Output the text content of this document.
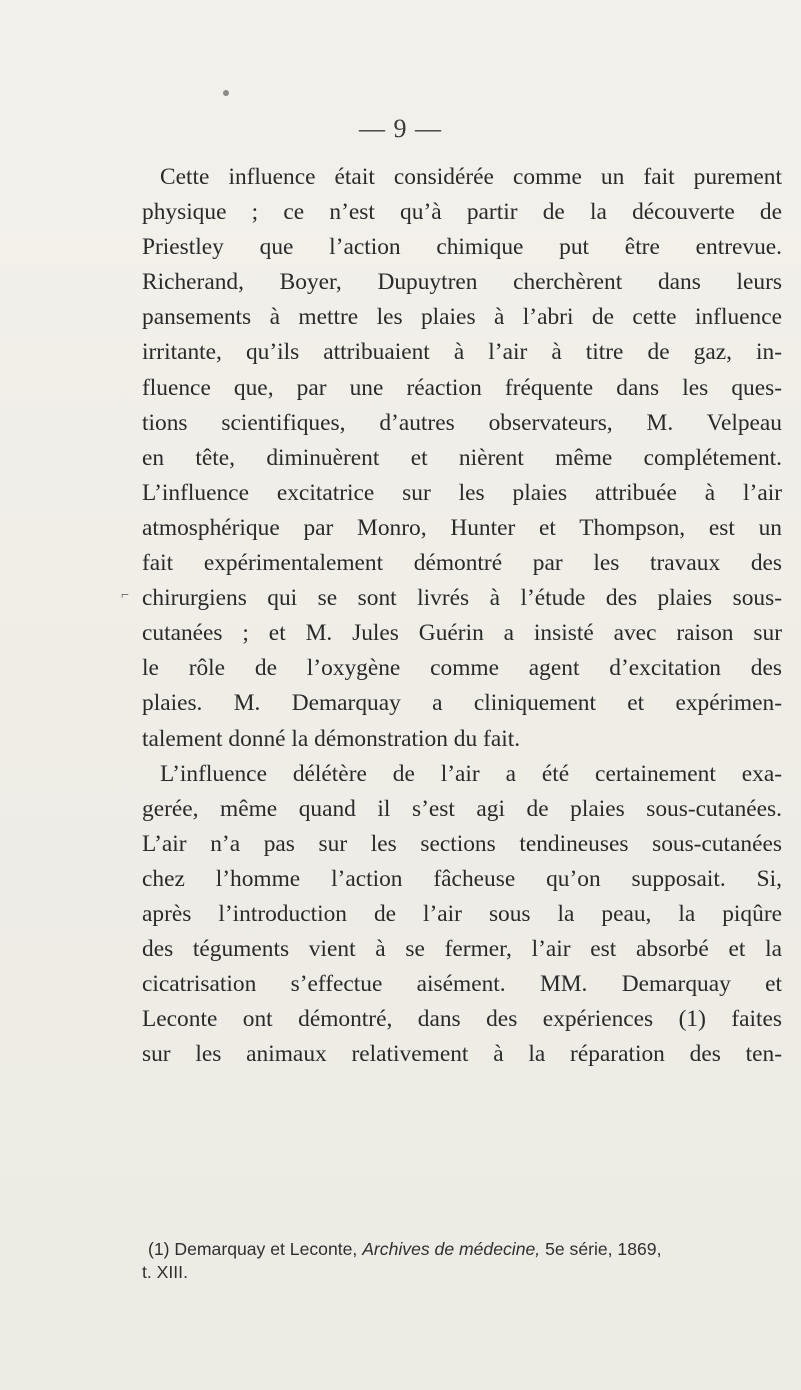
— 9 —
⌐
Cette influence était considérée comme un fait purement
physique ; ce n’est qu’à partir de la découverte de
Priestley que l’action chimique put être entrevue.
Richerand, Boyer, Dupuytren cherchèrent dans leurs
pansements à mettre les plaies à l’abri de cette influence
irritante, qu’ils attribuaient à l’air à titre de gaz, in-
fluence que, par une réaction fréquente dans les ques-
tions scientifiques, d’autres observateurs, M. Velpeau
en tête, diminuèrent et nièrent même complétement.
L’influence excitatrice sur les plaies attribuée à l’air
atmosphérique par Monro, Hunter et Thompson, est un
fait expérimentalement démontré par les travaux des
chirurgiens qui se sont livrés à l’étude des plaies sous-
cutanées ; et M. Jules Guérin a insisté avec raison sur
le rôle de l’oxygène comme agent d’excitation des
plaies. M. Demarquay a cliniquement et expérimen-
talement donné la démonstration du fait.
L’influence délétère de l’air a été certainement exa-
gerée, même quand il s’est agi de plaies sous-cutanées.
L’air n’a pas sur les sections tendineuses sous-cutanées
chez l’homme l’action fâcheuse qu’on supposait. Si,
après l’introduction de l’air sous la peau, la piqûre
des téguments vient à se fermer, l’air est absorbé et la
cicatrisation s’effectue aisément. MM. Demarquay et
Leconte ont démontré, dans des expériences (1) faites
sur les animaux relativement à la réparation des ten-
(1) Demarquay et Leconte, Archives de médecine, 5e série, 1869,
t. XIII.
